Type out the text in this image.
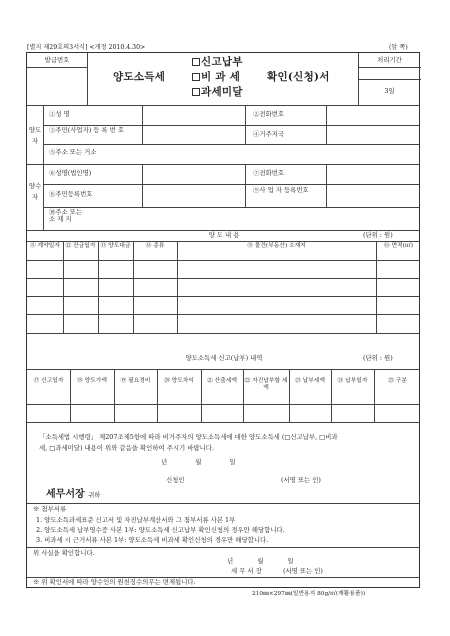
[별지 제29호의3서식] <개정 2010.4.30>	(앞 쪽)
발급번호	처리기간
3일
양도소득세
신고납부
비 과 세
과세미달
확인(신청)서
양도자
①성 명	②전화번호
③주민(사업자) 등 록 번 호	④거주지국
⑤주소 또는 거소
양수자
⑥성명(법인명)	⑦전화번호
⑧주민등록번호	⑨사 업 자 등록번호
⑩주소 또는 소 재 지
양 도 내 용	(단위 : 원)
⑪ 계약일자 ⑫ 잔금일자 ⑬ 양도대금	⑭ 종류	⑮ 물건(부동산) 소재지	⑯ 면적(㎡)
양도소득세 신고(납부) 내역	(단위 : 원)
⑰ 신고일자	⑱ 양도가액	⑲ 필요경비	⑳ 양도차익	㉑ 산출세액	㉒ 자진납부할 세액
㉓ 납부세액	㉔ 납부일자	㉕ 구분
「소득세법 시행령」 제207조제5항에 따라 비거주자의 양도소득세에 대한 양도소득세 (□신고납부, □비과
세, □과세미달) 내용이 위와 같음을 확인하여 주시기 바랍니다.
년 월 일
신청인	(서명 또는 인)
세무서장 귀하
※ 첨부서류
1. 양도소득과세표준 신고서 및 자진납부계산서와 그 첨부서류 사본 1부
2. 양도소득세 납부영수증 사본 1부: 양도소득세 신고납부 확인신청의 경우만 해당합니다.
3. 비과세 시 근거서류 사본 1부: 양도소득세 비과세 확인신청의 경우만 해당합니다.
위 사실을 확인합니다.
년 월 일
세 무 서 장	(서명 또는 인)
※ 위 확인서에 따라 양수인의 원천징수의무는 면제됩니다.
210㎜×297㎜(일반용지 80g/㎡(재활용품))
